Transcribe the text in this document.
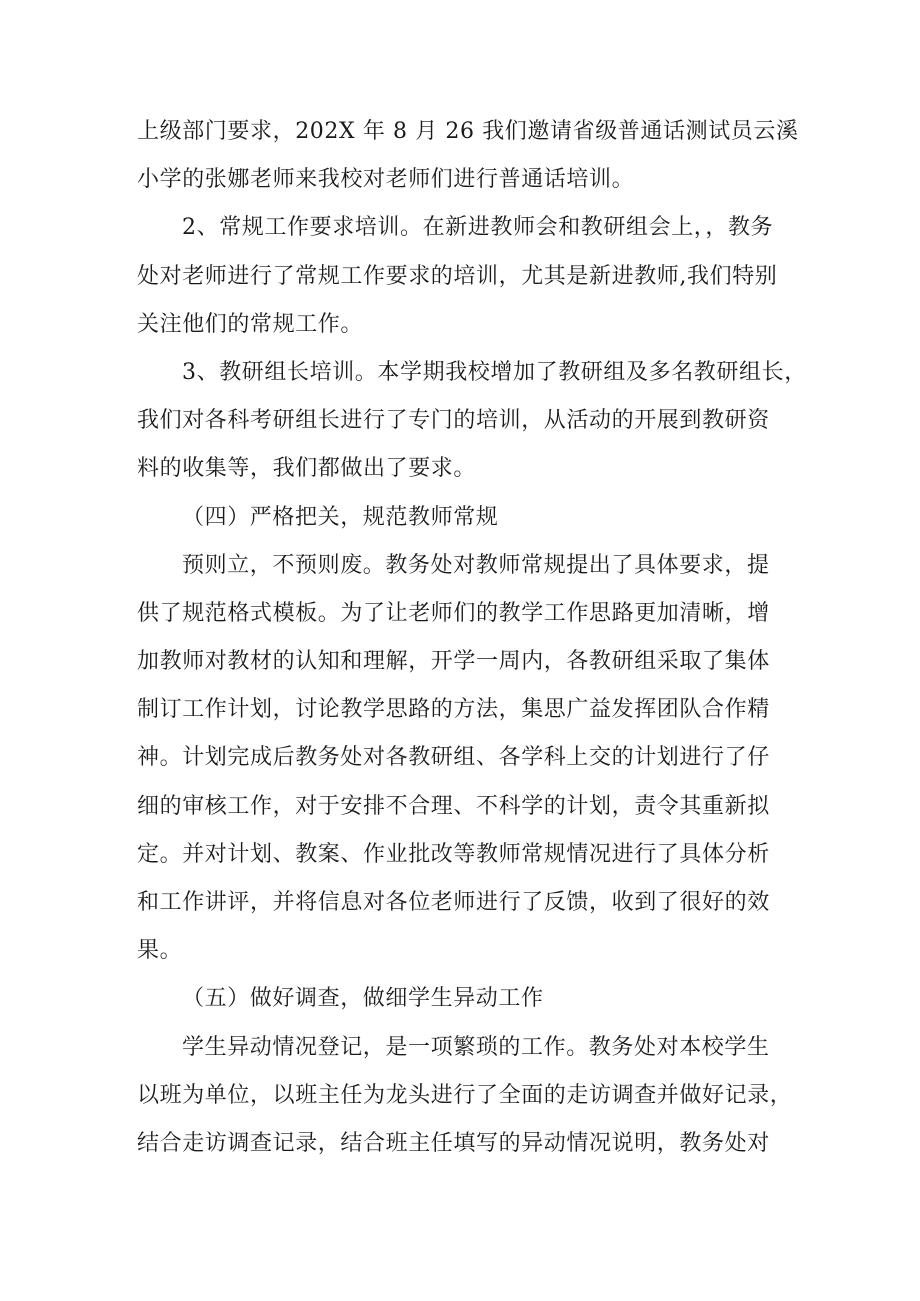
上级部门要求，202X 年 8 月 26 我们邀请省级普通话测试员云溪
小学的张娜老师来我校对老师们进行普通话培训。
2、常规工作要求培训。在新进教师会和教研组会上，，教务
处对老师进行了常规工作要求的培训，尤其是新进教师,我们特别
关注他们的常规工作。
3、教研组长培训。本学期我校增加了教研组及多名教研组长，
我们对各科考研组长进行了专门的培训，从活动的开展到教研资
料的收集等，我们都做出了要求。
（四）严格把关，规范教师常规
预则立，不预则废。教务处对教师常规提出了具体要求，提
供了规范格式模板。为了让老师们的教学工作思路更加清晰，增
加教师对教材的认知和理解，开学一周内，各教研组采取了集体
制订工作计划，讨论教学思路的方法，集思广益发挥团队合作精
神。计划完成后教务处对各教研组、各学科上交的计划进行了仔
细的审核工作，对于安排不合理、不科学的计划，责令其重新拟
定。并对计划、教案、作业批改等教师常规情况进行了具体分析
和工作讲评，并将信息对各位老师进行了反馈，收到了很好的效
果。
（五）做好调查，做细学生异动工作
学生异动情况登记，是一项繁琐的工作。教务处对本校学生
以班为单位，以班主任为龙头进行了全面的走访调查并做好记录，
结合走访调查记录，结合班主任填写的异动情况说明，教务处对
